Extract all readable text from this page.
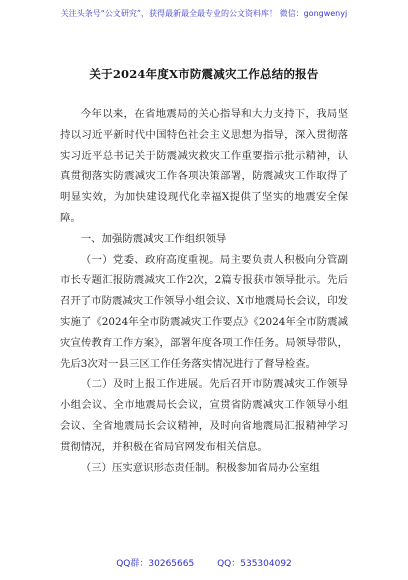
关注头条号“公文研究”，获得最新最全最专业的公文资料库！ 微信：gongwenyj
关于2024年度X市防震减灾工作总结的报告

今年以来，在省地震局的关心指导和大力支持下，我局坚持以习近平新时代中国特色社会主义思想为指导，深入贯彻落实习近平总书记关于防震减灾救灾工作重要指示批示精神，认真贯彻落实防震减灾工作各项决策部署，防震减灾工作取得了明显实效，为加快建设现代化幸福X提供了坚实的地震安全保障。

一、加强防震减灾工作组织领导

（一）党委、政府高度重视。局主要负责人积极向分管副市长专题汇报防震减灾工作2次，2篇专报获市领导批示。先后召开了市防震减灾工作领导小组会议、X市地震局长会议，印发实施了《2024年全市防震减灾工作要点》《2024年全市防震减灾宣传教育工作方案》，部署年度各项工作任务。局领导带队，先后3次对一县三区工作任务落实情况进行了督导检查。

（二）及时上报工作进展。先后召开市防震减灾工作领导小组会议、全市地震局长会议，宣贯省防震减灾工作领导小组会议、全省地震局长会议精神，及时向省地震局汇报精神学习贯彻情况，并积极在省局官网发布相关信息。

（三）压实意识形态责任制。积极参加省局办公室组

QQ群：30265665	QQ：535304092
